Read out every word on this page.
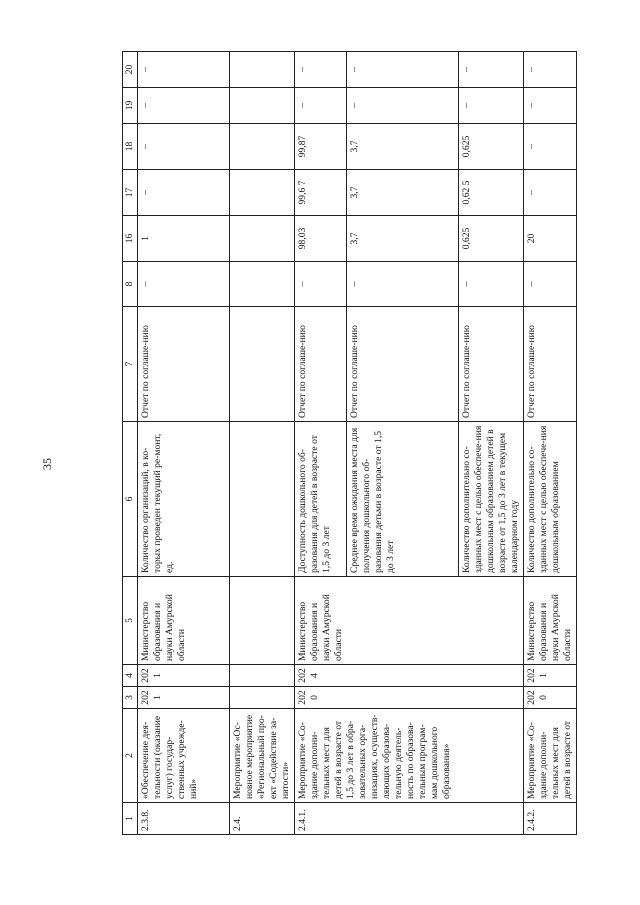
35
1	2	3	4	5	6	7	8	16	17	18	19	20
2.3.8.	«Обеспечение дея-тельности (оказание услуг) государ-ственных учрежде-ний»	2021	2021	Министерство образования и науки Амурской области	Количество организаций, в ко-торых проведен текущий ре-монт, ед.	Отчет по соглаше-нию	–	1	–	–	–	–
2.4.	Мероприятие «Ос-новное мероприятие «Региональный про-ект «Содействие за-нятости»											
2.4.1.	Мероприятие «Со-здание дополни-тельных мест для детей в возрасте от 1,5 до 3 лет в обра-зовательных орга-низациях, осуществ-ляющих образова-тельную деятель-ность по образова-тельным програм-мам дошкольного образования»	2020	2024	Министерство образования и науки Амурской области	Доступность дошкольного об-разования для детей в возрасте от 1,5 до 3 лет	Отчет по соглаше-нию	–	98,03	99,6 7	99,87	–	–
					Среднее время ожидания места для получения дошкольного об-разования детьми в возрасте от 1,5 до 3 лет	Отчет по соглаше-нию	–	3,7	3,7	3,7	–	–
					Количество дополнительно со-зданных мест с целью обеспече-ния дошкольным образованием детей в возрасте от 1,5 до 3 лет в текущем календарном году	Отчет по соглаше-нию	–	0,625	0,62 5	0,625	–	–
2.4.2.	Мероприятие «Со-здание дополни-тельных мест для детей в возрасте от	2020	2021	Министерство образования и науки Амурской области	Количество дополнительно со-зданных мест с целью обеспече-ния дошкольным образованием	Отчет по соглаше-нию	–	20	–	–	–	–
